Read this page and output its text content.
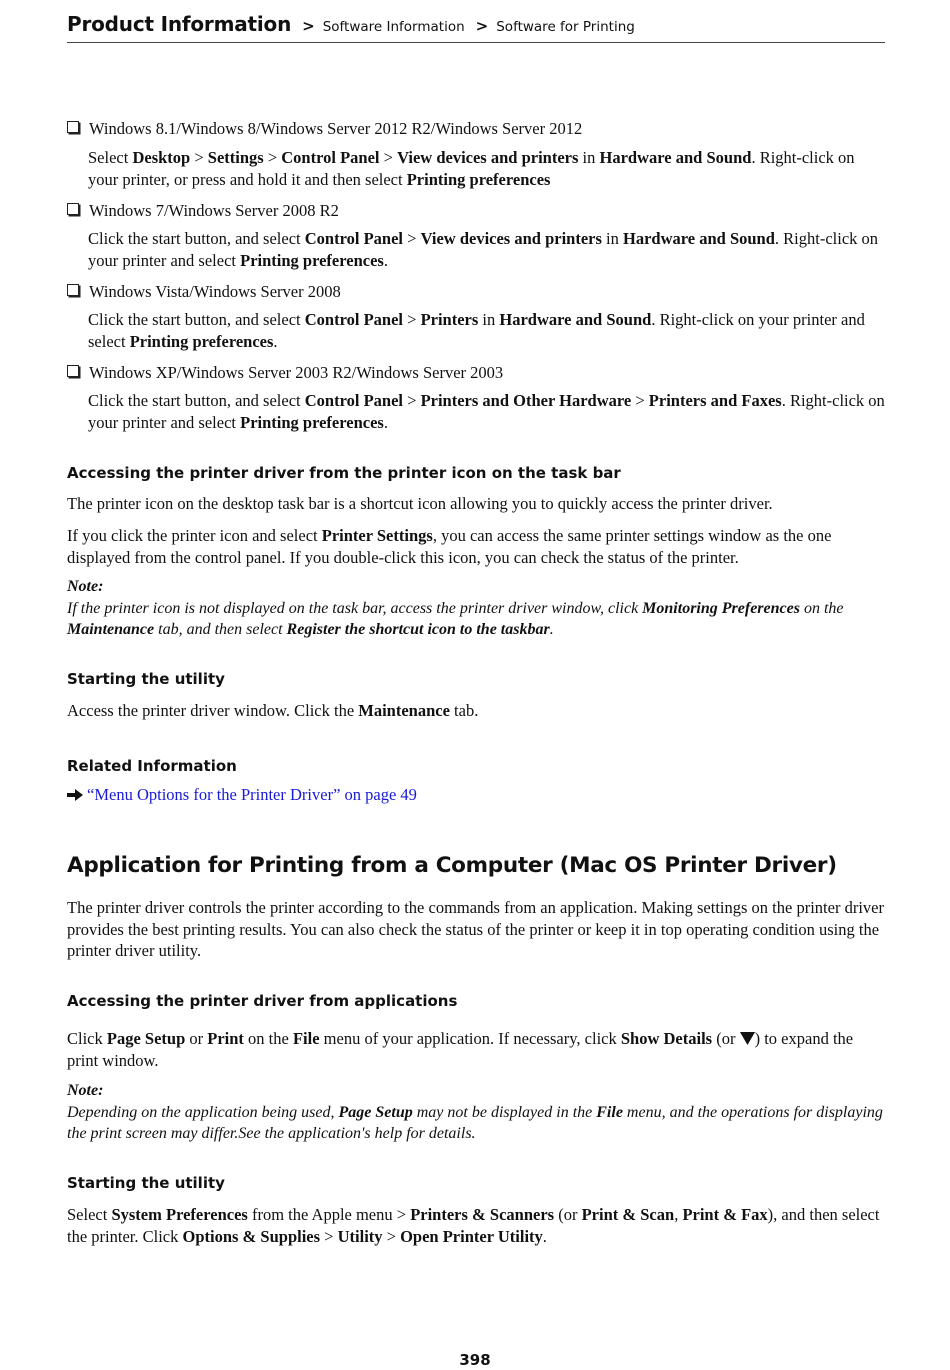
Product Information > Software Information > Software for Printing
Windows 8.1/Windows 8/Windows Server 2012 R2/Windows Server 2012
Select Desktop > Settings > Control Panel > View devices and printers in Hardware and Sound. Right-click on your printer, or press and hold it and then select Printing preferences
Windows 7/Windows Server 2008 R2
Click the start button, and select Control Panel > View devices and printers in Hardware and Sound. Right-click on your printer and select Printing preferences.
Windows Vista/Windows Server 2008
Click the start button, and select Control Panel > Printers in Hardware and Sound. Right-click on your printer and select Printing preferences.
Windows XP/Windows Server 2003 R2/Windows Server 2003
Click the start button, and select Control Panel > Printers and Other Hardware > Printers and Faxes. Right-click on your printer and select Printing preferences.
Accessing the printer driver from the printer icon on the task bar
The printer icon on the desktop task bar is a shortcut icon allowing you to quickly access the printer driver.
If you click the printer icon and select Printer Settings, you can access the same printer settings window as the one displayed from the control panel. If you double-click this icon, you can check the status of the printer.
Note:
If the printer icon is not displayed on the task bar, access the printer driver window, click Monitoring Preferences on the Maintenance tab, and then select Register the shortcut icon to the taskbar.
Starting the utility
Access the printer driver window. Click the Maintenance tab.
Related Information
“Menu Options for the Printer Driver” on page 49
Application for Printing from a Computer (Mac OS Printer Driver)
The printer driver controls the printer according to the commands from an application. Making settings on the printer driver provides the best printing results. You can also check the status of the printer or keep it in top operating condition using the printer driver utility.
Accessing the printer driver from applications
Click Page Setup or Print on the File menu of your application. If necessary, click Show Details (or ) to expand the print window.
Note:
Depending on the application being used, Page Setup may not be displayed in the File menu, and the operations for displaying the print screen may differ.See the application's help for details.
Starting the utility
Select System Preferences from the Apple menu > Printers & Scanners (or Print & Scan, Print & Fax), and then select the printer. Click Options & Supplies > Utility > Open Printer Utility.
398
